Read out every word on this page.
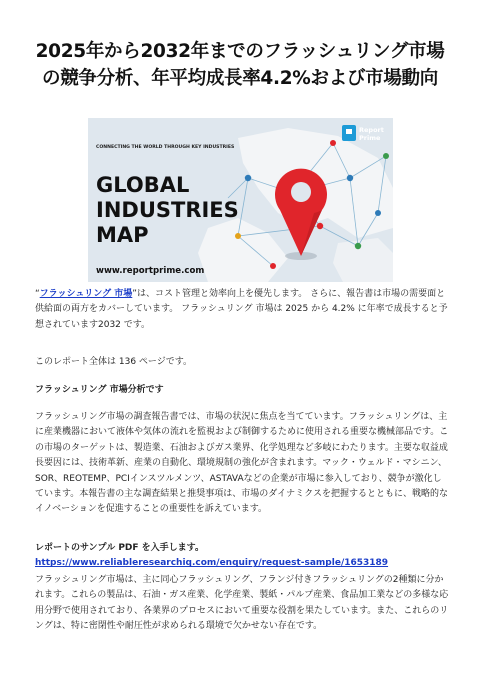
2025年から2032年までのフラッシュリング市場の競争分析、年平均成長率4.2%および市場動向
Report
Prime
CONNECTING THE WORLD THROUGH KEY INDUSTRIES
GLOBAL
INDUSTRIES
MAP
www.reportprime.com

“フラッシュリング 市場”は、コスト管理と効率向上を優先します。 さらに、報告書は市場の需要面と供給面の両方をカバーしています。 フラッシュリング 市場は 2025 から 4.2% に年率で成長すると予想されています2032 です。

このレポート全体は 136 ページです。

フラッシュリング 市場分析です

フラッシュリング市場の調査報告書では、市場の状況に焦点を当てています。フラッシュリングは、主に産業機器において液体や気体の流れを監視および制御するために使用される重要な機械部品です。この市場のターゲットは、製造業、石油およびガス業界、化学処理など多岐にわたります。主要な収益成長要因には、技術革新、産業の自動化、環境規制の強化が含まれます。マック・ウェルド・マシニン、SOR、REOTEMP、PCIインスツルメンツ、ASTAVAなどの企業が市場に参入しており、競争が激化しています。本報告書の主な調査結果と推奨事項は、市場のダイナミクスを把握するとともに、戦略的なイノベーションを促進することの重要性を訴えています。

レポートのサンプル PDF を入手します。 https://www.reliableresearchiq.com/enquiry/request-sample/1653189

フラッシュリング市場は、主に同心フラッシュリング、フランジ付きフラッシュリングの2種類に分かれます。これらの製品は、石油・ガス産業、化学産業、製紙・パルプ産業、食品加工業などの多様な応用分野で使用されており、各業界のプロセスにおいて重要な役割を果たしています。また、これらのリングは、特に密閉性や耐圧性が求められる環境で欠かせない存在です。
